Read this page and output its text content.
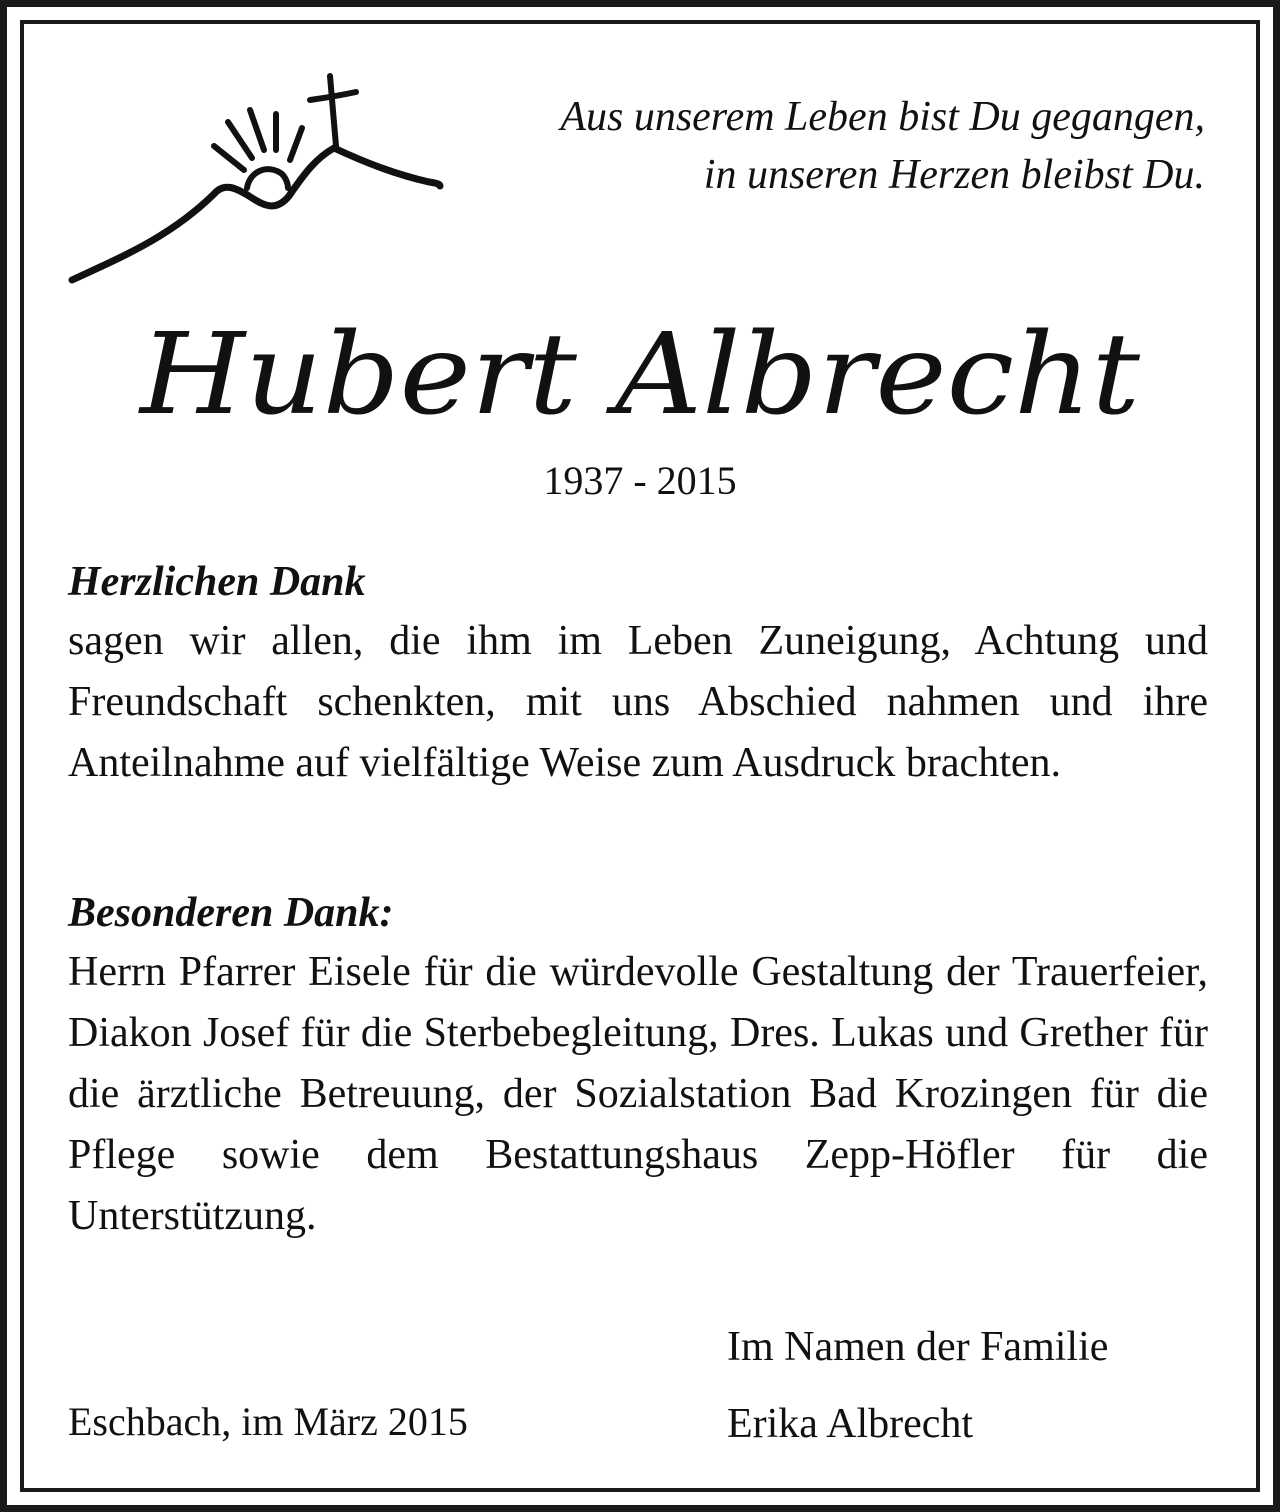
Aus unserem Leben bist Du gegangen,
in unseren Herzen bleibst Du.
Hubert Albrecht
1937 - 2015
Herzlichen Dank

sagen wir allen, die ihm im Leben Zuneigung, Achtung und Freundschaft schenkten, mit uns Abschied nahmen und ihre Anteilnahme auf vielfältige Weise zum Ausdruck brachten.

Besonderen Dank:

Herrn Pfarrer Eisele für die würdevolle Gestaltung der Trauerfeier, Diakon Josef für die Sterbebegleitung, Dres. Lukas und Grether für die ärztliche Betreuung, der Sozialstation Bad Krozingen für die Pflege sowie dem Bestattungshaus Zepp-Höfler für die Unterstützung.

Im Namen der Familie
Eschbach, im März 2015	Erika Albrecht
